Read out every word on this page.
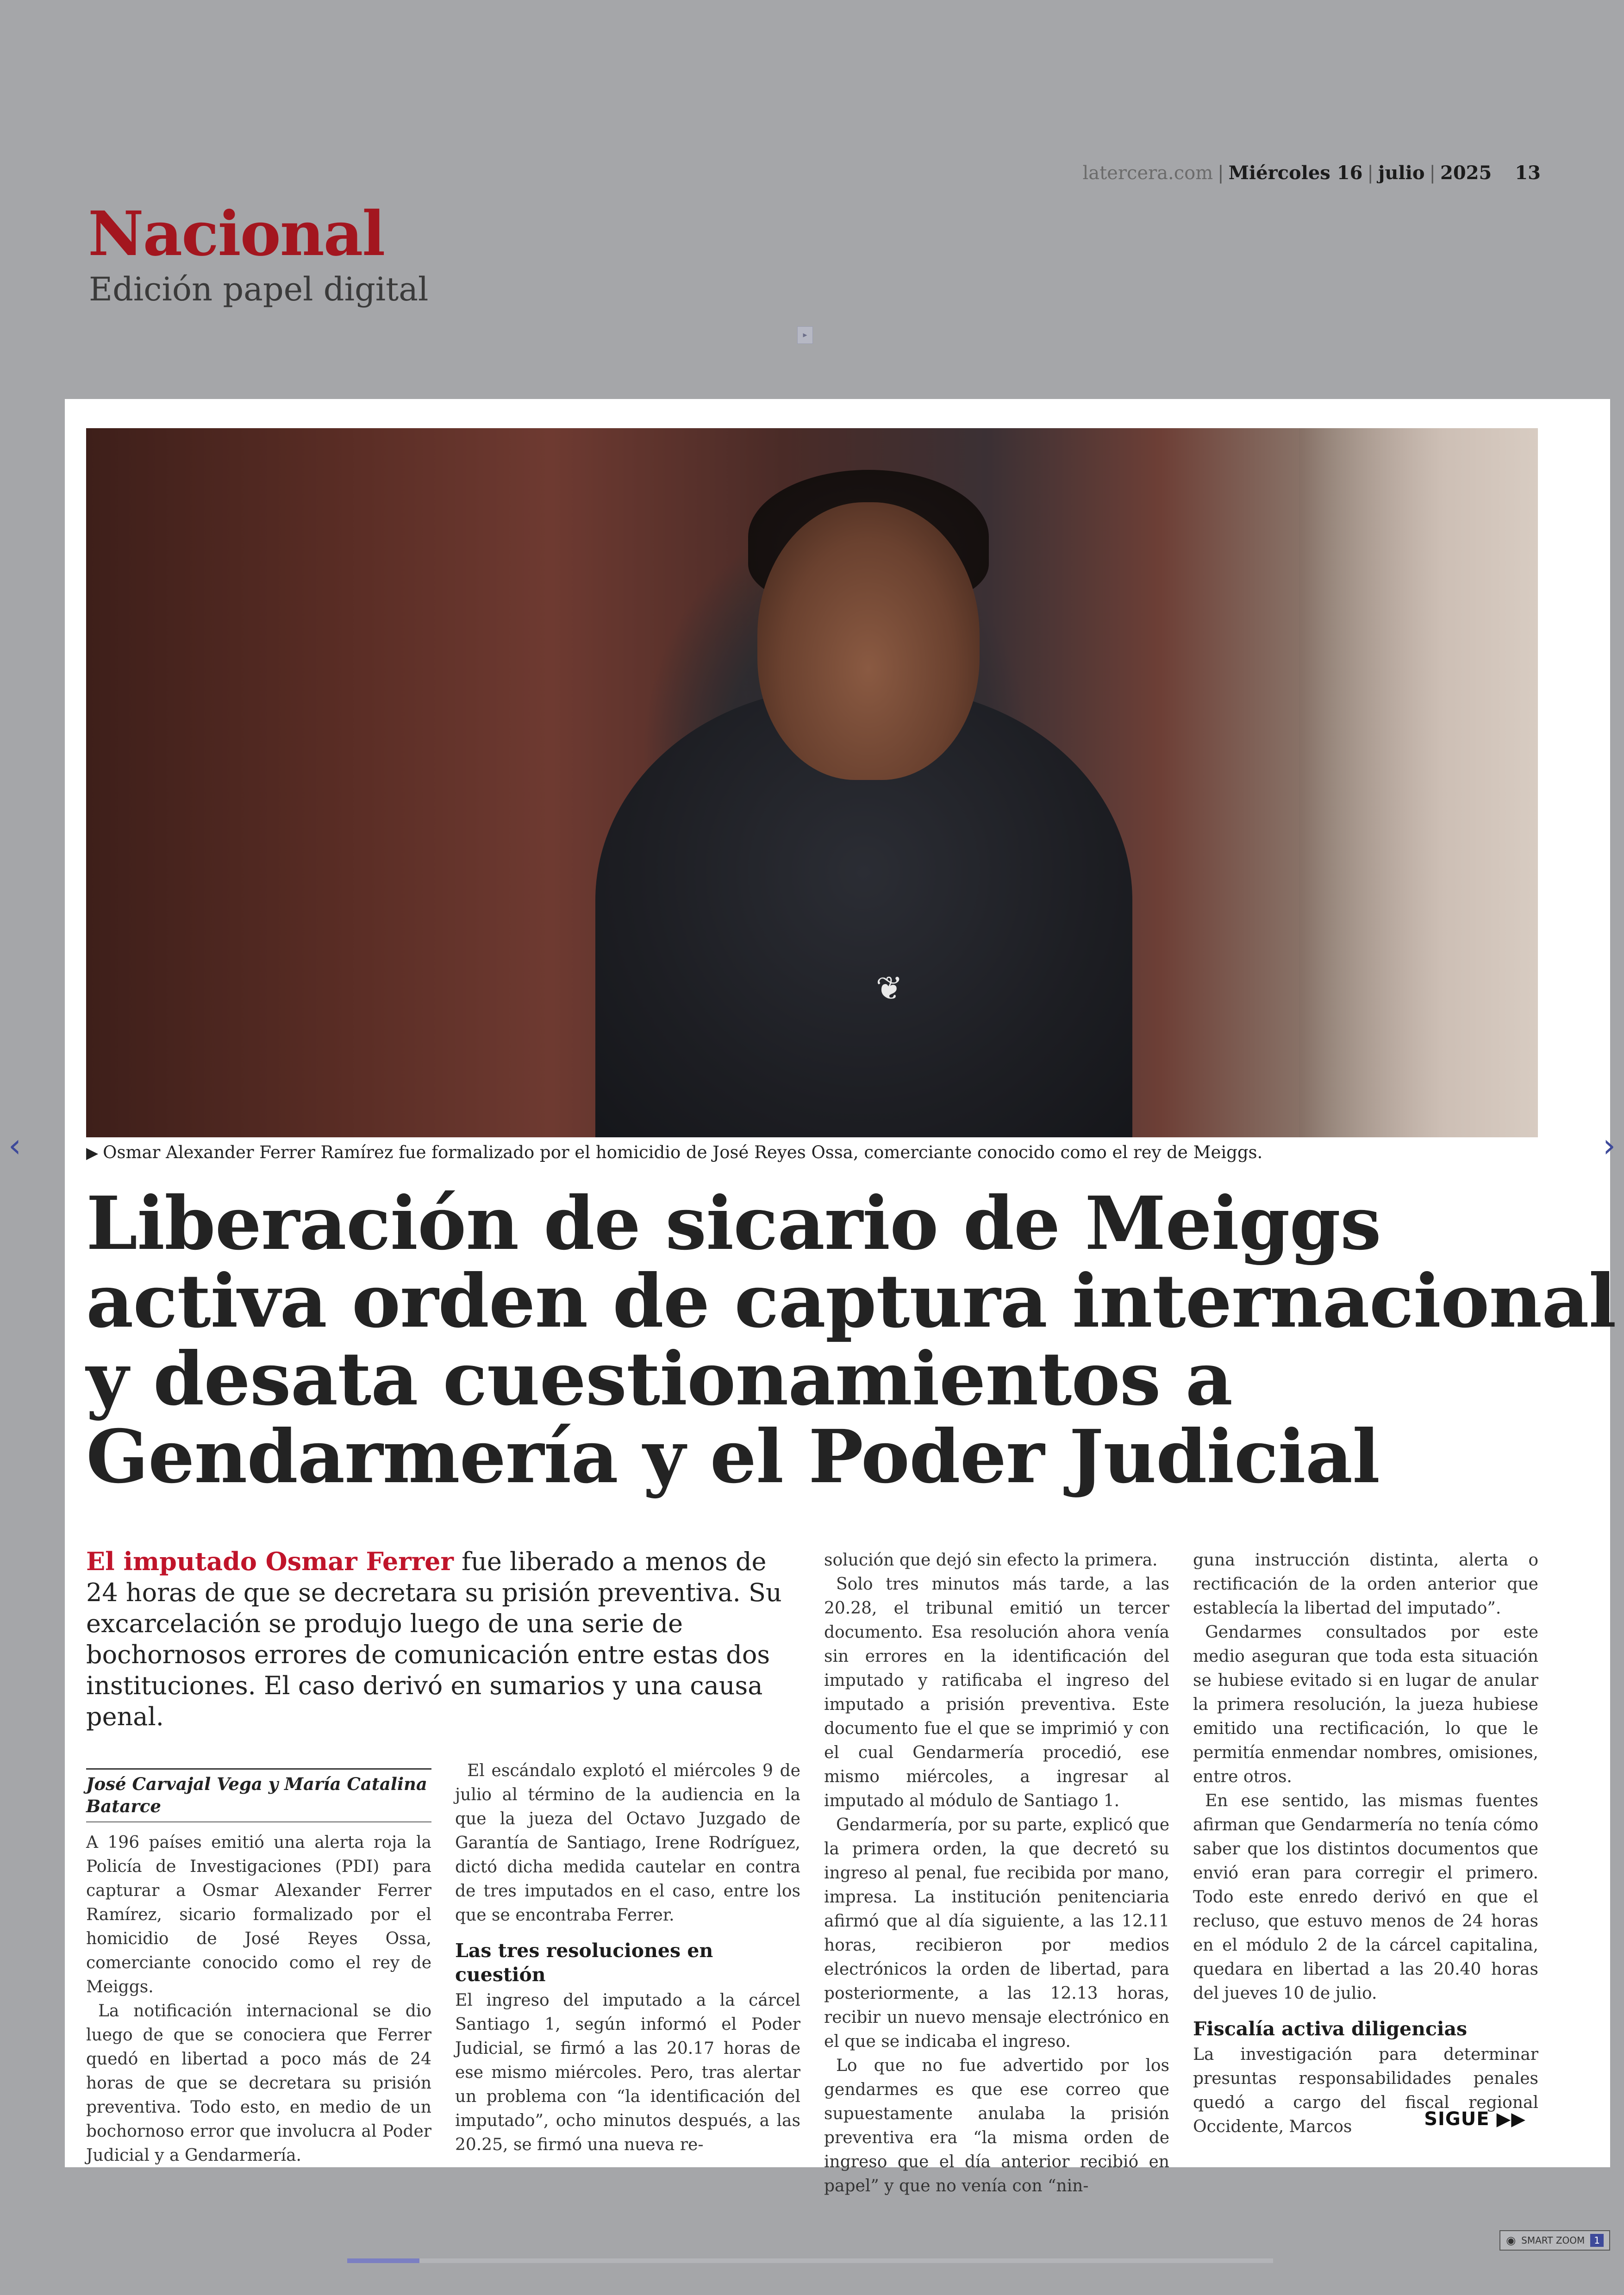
latercera.com | Miércoles 16 | julio | 2025 13
Nacional
Edición papel digital
▸
❦
▶ Osmar Alexander Ferrer Ramírez fue formalizado por el homicidio de José Reyes Ossa, comerciante conocido como el rey de Meiggs.
Liberación de sicario de Meiggs
activa orden de captura internacional
y desata cuestionamientos a
Gendarmería y el Poder Judicial
El imputado Osmar Ferrer fue liberado a menos de 24 horas de que se decretara su prisión preventiva. Su excarcelación se produjo luego de una serie de bochornosos errores de comunicación entre estas dos instituciones. El caso derivó en sumarios y una causa penal.
José Carvajal Vega y María Catalina Batarce

A 196 países emitió una alerta roja la Policía de Investigaciones (PDI) para capturar a Osmar Alexander Ferrer Ramírez, sicario formalizado por el homicidio de José Reyes Ossa, comerciante conocido como el rey de Meiggs.

La notificación internacional se dio luego de que se conociera que Ferrer quedó en libertad a poco más de 24 horas de que se decretara su prisión preventiva. Todo esto, en medio de un bochornoso error que involucra al Poder Judicial y a Gendarmería.

El escándalo explotó el miércoles 9 de julio al término de la audiencia en la que la jueza del Octavo Juzgado de Garantía de Santiago, Irene Rodríguez, dictó dicha medida cautelar en contra de tres imputados en el caso, entre los que se encontraba Ferrer.

Las tres resoluciones en cuestión

El ingreso del imputado a la cárcel Santiago 1, según informó el Poder Judicial, se firmó a las 20.17 horas de ese mismo miércoles. Pero, tras alertar un problema con “la identificación del imputado”, ocho minutos después, a las 20.25, se firmó una nueva re-

solución que dejó sin efecto la primera.

Solo tres minutos más tarde, a las 20.28, el tribunal emitió un tercer documento. Esa resolución ahora venía sin errores en la identificación del imputado y ratificaba el ingreso del imputado a prisión preventiva. Este documento fue el que se imprimió y con el cual Gendarmería procedió, ese mismo miércoles, a ingresar al imputado al módulo de Santiago 1.

Gendarmería, por su parte, explicó que la primera orden, la que decretó su ingreso al penal, fue recibida por mano, impresa. La institución penitenciaria afirmó que al día siguiente, a las 12.11 horas, recibieron por medios electrónicos la orden de libertad, para posteriormente, a las 12.13 horas, recibir un nuevo mensaje electrónico en el que se indicaba el ingreso.

Lo que no fue advertido por los gendarmes es que ese correo que supuestamente anulaba la prisión preventiva era “la misma orden de ingreso que el día anterior recibió en papel” y que no venía con “nin-

guna instrucción distinta, alerta o rectificación de la orden anterior que establecía la libertad del imputado”.

Gendarmes consultados por este medio aseguran que toda esta situación se hubiese evitado si en lugar de anular la primera resolución, la jueza hubiese emitido una rectificación, lo que le permitía enmendar nombres, omisiones, entre otros.

En ese sentido, las mismas fuentes afirman que Gendarmería no tenía cómo saber que los distintos documentos que envió eran para corregir el primero. Todo este enredo derivó en que el recluso, que estuvo menos de 24 horas en el módulo 2 de la cárcel capitalina, quedara en libertad a las 20.40 horas del jueves 10 de julio.

Fiscalía activa diligencias

La investigación para determinar presuntas responsabilidades penales quedó a cargo del fiscal regional Occidente, Marcos	SIGUE ▶▶
‹	›
◉ SMART ZOOM	1
